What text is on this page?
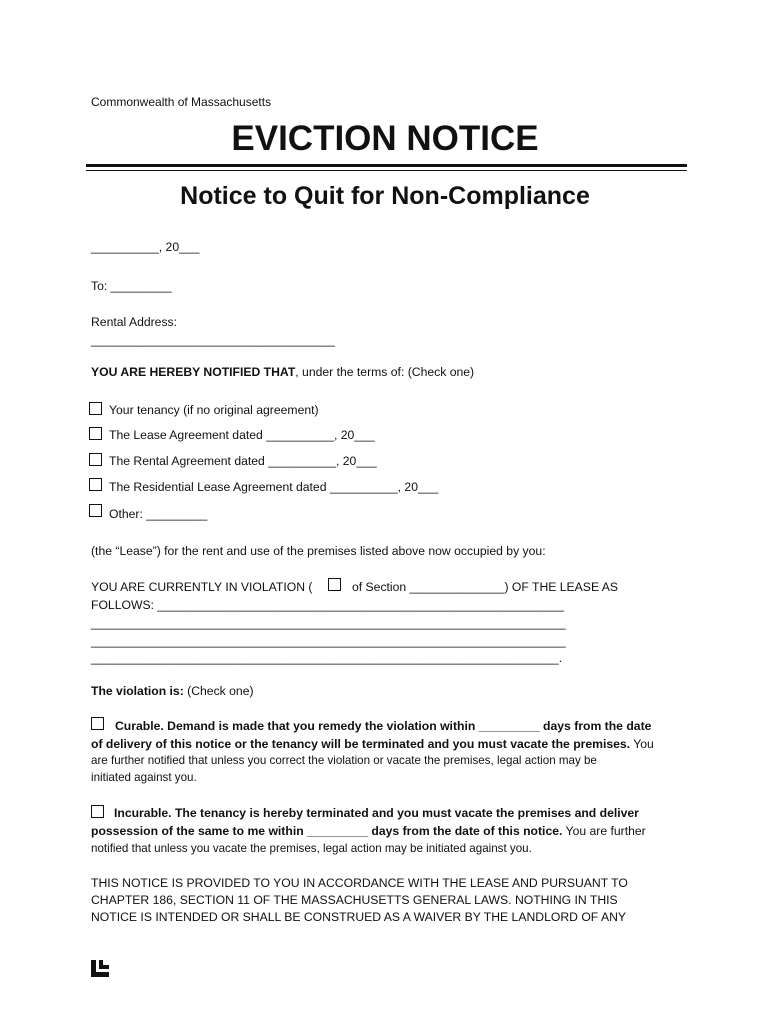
Commonwealth of Massachusetts
EVICTION NOTICE
Notice to Quit for Non-Compliance
__________, 20___
To: _________
Rental Address:
____________________________________
YOU ARE HEREBY NOTIFIED THAT, under the terms of: (Check one)
Your tenancy (if no original agreement)
The Lease Agreement dated __________, 20___
The Rental Agreement dated __________, 20___
The Residential Lease Agreement dated __________, 20___
Other: _________
(the “Lease”) for the rent and use of the premises listed above now occupied by you:
YOU ARE CURRENTLY IN VIOLATION (	of Section ______________) OF THE LEASE AS
FOLLOWS: ____________________________________________________________
______________________________________________________________________
______________________________________________________________________
_____________________________________________________________________.
The violation is: (Check one)
Curable. Demand is made that you remedy the violation within _________ days from the date
of delivery of this notice or the tenancy will be terminated and you must vacate the premises. You
are further notified that unless you correct the violation or vacate the premises, legal action may be
initiated against you.
Incurable. The tenancy is hereby terminated and you must vacate the premises and deliver
possession of the same to me within _________ days from the date of this notice. You are further
notified that unless you vacate the premises, legal action may be initiated against you.
THIS NOTICE IS PROVIDED TO YOU IN ACCORDANCE WITH THE LEASE AND PURSUANT TO
CHAPTER 186, SECTION 11 OF THE MASSACHUSETTS GENERAL LAWS. NOTHING IN THIS
NOTICE IS INTENDED OR SHALL BE CONSTRUED AS A WAIVER BY THE LANDLORD OF ANY
